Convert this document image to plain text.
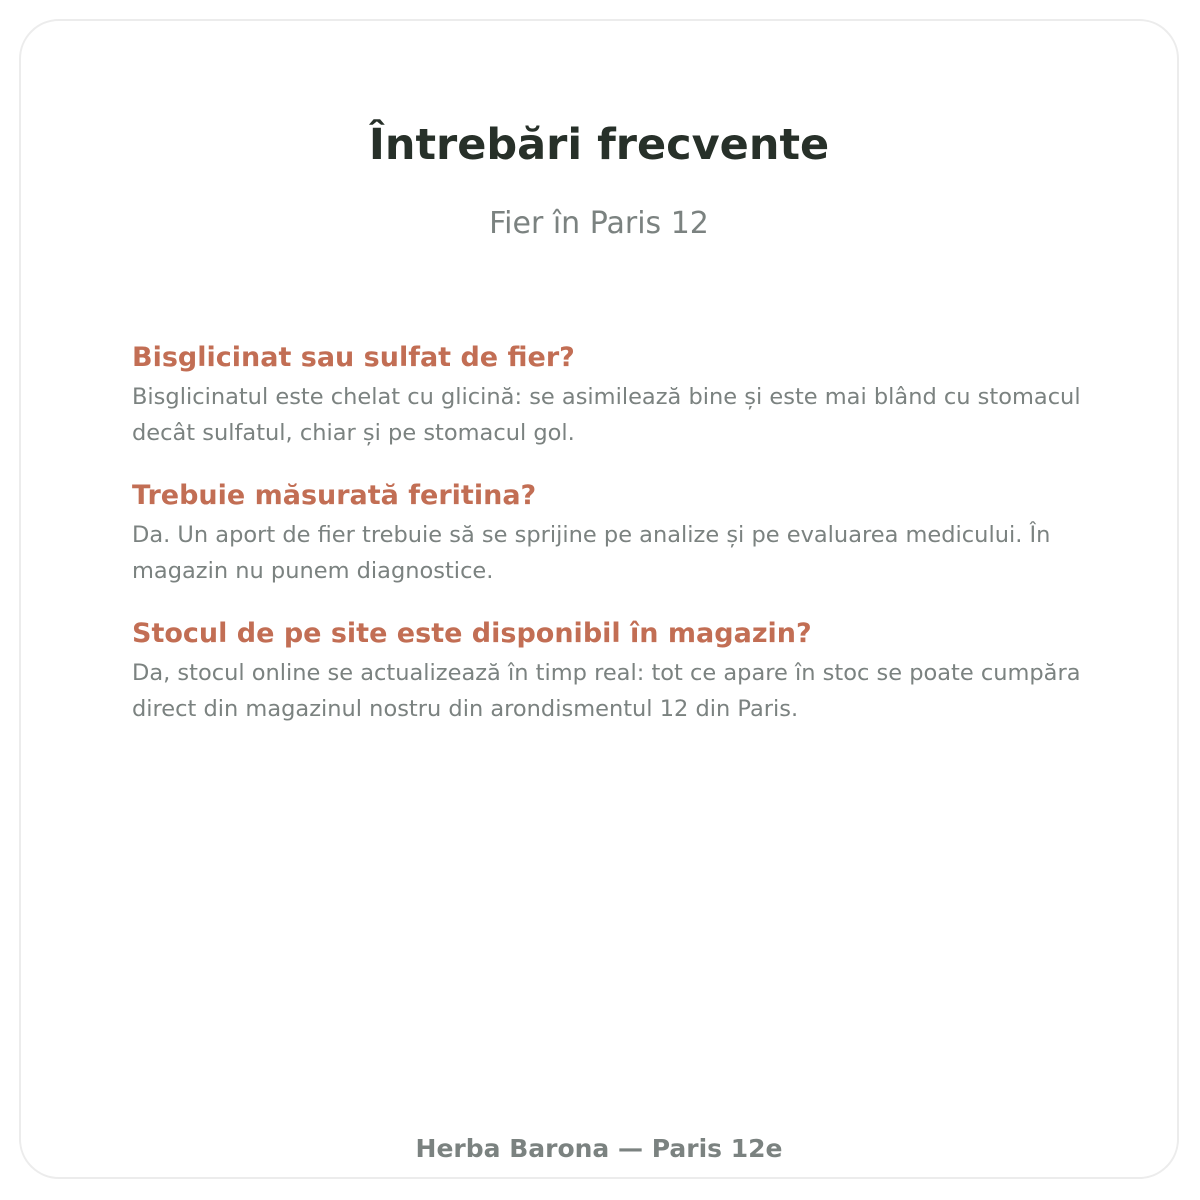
Întrebări frecvente

Fier în Paris 12

Bisglicinat sau sulfat de fier?

Bisglicinatul este chelat cu glicină: se asimilează bine și este mai blând cu stomacul decât sulfatul, chiar și pe stomacul gol.

Trebuie măsurată feritina?

Da. Un aport de fier trebuie să se sprijine pe analize și pe evaluarea medicului. În magazin nu punem diagnostice.

Stocul de pe site este disponibil în magazin?

Da, stocul online se actualizează în timp real: tot ce apare în stoc se poate cumpăra direct din magazinul nostru din arondismentul 12 din Paris.

Herba Barona — Paris 12e
